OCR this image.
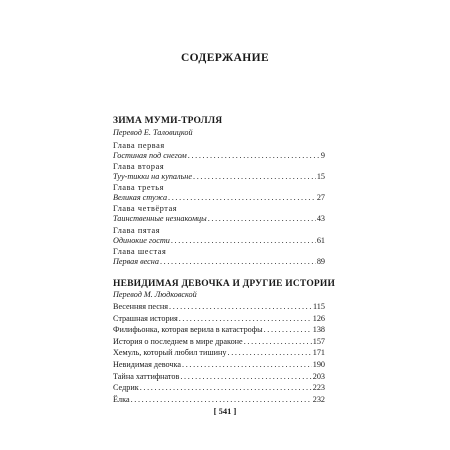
СОДЕРЖАНИЕ
ЗИМА МУМИ-ТРОЛЛЯ
Перевод Е. Таловицкой
Глава первая
Гостиная под снегом . . .	9
Глава вторая
Туу-тикки на купальне . . .	15
Глава третья
Великая стужа . . .	27
Глава четвёртая
Таинственные незнакомцы . . .	43
Глава пятая
Одинокие гости . . .	61
Глава шестая
Первая весна . . .	89
НЕВИДИМАЯ ДЕВОЧКА И ДРУГИЕ ИСТОРИИ
Перевод М. Людковской
Весенняя песня . . .	115
Страшная история . . .	126
Филифьонка, которая верила в катастрофы . . .	138
История о последнем в мире драконе . . .	157
Хемуль, который любил тишину . . .	171
Невидимая девочка . . .	190
Тайна хаттифнатов . . .	203
Седрик . . .	223
Ёлка . . .	232
[ 541 ]
